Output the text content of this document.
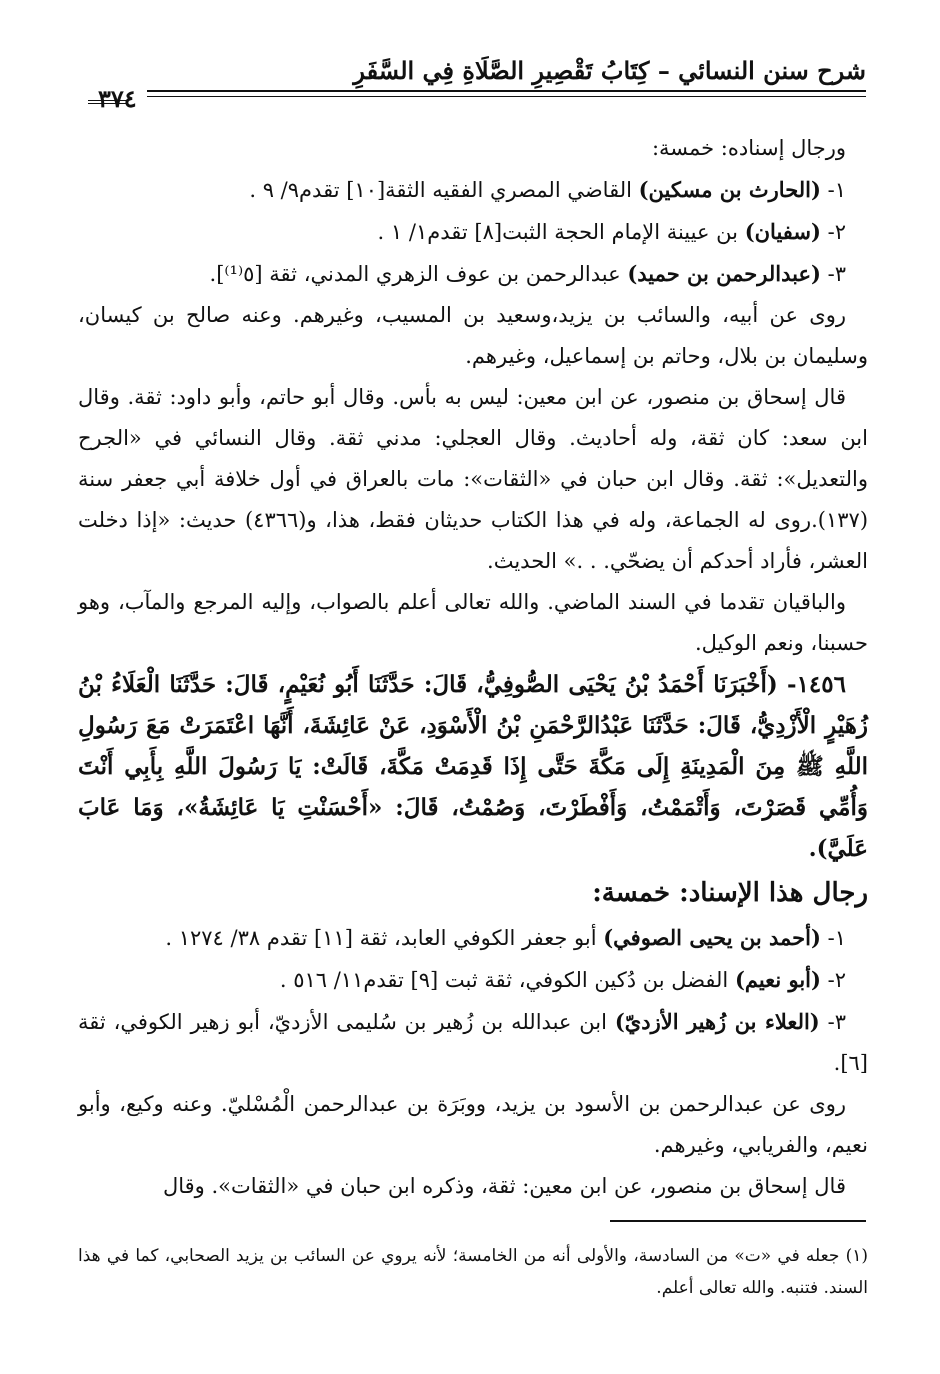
شرح سنن النسائي – كِتَابُ تَقْصِيرِ الصَّلَاةِ فِي السَّفَرِ
٣٧٤

ورجال إسناده: خمسة:

١- (الحارث بن مسكين) القاضي المصري الفقيه الثقة[١٠] تقدم٩/ ٩ .

٢- (سفيان) بن عيينة الإمام الحجة الثبت[٨] تقدم١/ ١ .

٣- (عبدالرحمن بن حميد) عبدالرحمن بن عوف الزهري المدني، ثقة [٥⁽¹⁾].

روى عن أبيه، والسائب بن يزيد،وسعيد بن المسيب، وغيرهم. وعنه صالح بن كيسان، وسليمان بن بلال، وحاتم بن إسماعيل، وغيرهم.

قال إسحاق بن منصور، عن ابن معين: ليس به بأس. وقال أبو حاتم، وأبو داود: ثقة. وقال ابن سعد: كان ثقة، وله أحاديث. وقال العجلي: مدني ثقة. وقال النسائي في «الجرح والتعديل»: ثقة. وقال ابن حبان في «الثقات»: مات بالعراق في أول خلافة أبي جعفر سنة (١٣٧).روى له الجماعة، وله في هذا الكتاب حديثان فقط، هذا، و(٤٣٦٦) حديث: «إذا دخلت العشر، فأراد أحدكم أن يضحّي. . .» الحديث.

والباقيان تقدما في السند الماضي. والله تعالى أعلم بالصواب، وإليه المرجع والمآب، وهو حسبنا، ونعم الوكيل.

١٤٥٦- (أَخْبَرَنَا أَحْمَدُ بْنُ يَحْيَى الصُّوفِيُّ، قَالَ: حَدَّثَنَا أَبُو نُعَيْمٍ، قَالَ: حَدَّثَنَا الْعَلَاءُ بْنُ زُهَيْرٍ الْأَزْدِيُّ، قَالَ: حَدَّثَنَا عَبْدُالرَّحْمَنِ بْنُ الْأَسْوَدِ، عَنْ عَائِشَةَ، أَنَّهَا اعْتَمَرَتْ مَعَ رَسُولِ اللَّهِ ﷺ مِنَ الْمَدِينَةِ إِلَى مَكَّةَ حَتَّى إِذَا قَدِمَتْ مَكَّةَ، قَالَتْ: يَا رَسُولَ اللَّهِ بِأَبِي أَنْتَ وَأُمِّي قَصَرْتَ، وَأَتْمَمْتُ، وَأَفْطَرْتَ، وَصُمْتُ، قَالَ: «أَحْسَنْتِ يَا عَائِشَةُ»، وَمَا عَابَ عَلَيَّ).

رجال هذا الإسناد: خمسة:

١- (أحمد بن يحيى الصوفي) أبو جعفر الكوفي العابد، ثقة [١١] تقدم ٣٨/ ١٢٧٤ .

٢- (أبو نعيم) الفضل بن دُكين الكوفي، ثقة ثبت [٩] تقدم١١/ ٥١٦ .

٣- (العلاء بن زُهير الأزديّ) ابن عبدالله بن زُهير بن سُليمى الأزديّ، أبو زهير الكوفي، ثقة [٦].

روى عن عبدالرحمن بن الأسود بن يزيد، ووبَرَة بن عبدالرحمن الْمُسْليّ. وعنه وكيع، وأبو نعيم، والفريابي، وغيرهم.

قال إسحاق بن منصور، عن ابن معين: ثقة، وذكره ابن حبان في «الثقات». وقال

(١) جعله في «ت» من السادسة، والأولى أنه من الخامسة؛ لأنه يروي عن السائب بن يزيد الصحابي، كما في هذا السند. فتنبه. والله تعالى أعلم.
